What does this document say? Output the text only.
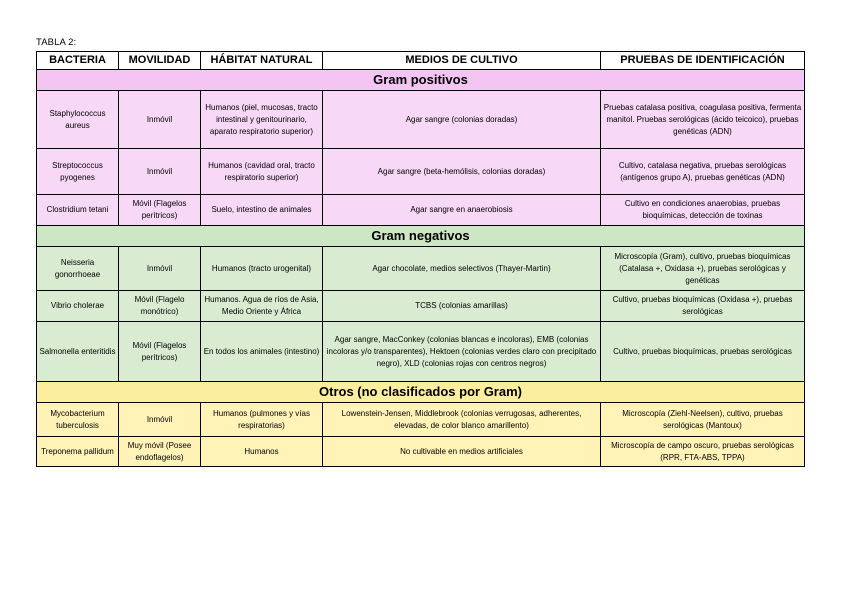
TABLA 2:
BACTERIA	MOVILIDAD	HÁBITAT NATURAL	MEDIOS DE CULTIVO	PRUEBAS DE IDENTIFICACIÓN
Gram positivos				
Staphylococcus aureus	Inmóvil	Humanos (piel, mucosas, tracto intestinal y genitourinario, aparato respiratorio superior)	Agar sangre (colonias doradas)	Pruebas catalasa positiva, coagulasa positiva, fermenta manitol. Pruebas serológicas (ácido teicoico), pruebas genéticas (ADN)
Streptococcus pyogenes	Inmóvil	Humanos (cavidad oral, tracto respiratorio superior)	Agar sangre (beta-hemólisis, colonias doradas)	Cultivo, catalasa negativa, pruebas serológicas (antígenos grupo A), pruebas genéticas (ADN)
Clostridium tetani	Móvil (Flagelos perítricos)	Suelo, intestino de animales	Agar sangre en anaerobiosis	Cultivo en condiciones anaerobias, pruebas bioquímicas, detección de toxinas
Gram negativos				
Neisseria gonorrhoeae	Inmóvil	Humanos (tracto urogenital)	Agar chocolate, medios selectivos (Thayer-Martin)	Microscopía (Gram), cultivo, pruebas bioquímicas (Catalasa +, Oxidasa +), pruebas serológicas y genéticas
Vibrio cholerae	Móvil (Flagelo monótrico)	Humanos. Agua de ríos de Asia, Medio Oriente y África	TCBS (colonias amarillas)	Cultivo, pruebas bioquímicas (Oxidasa +), pruebas serológicas
Salmonella enteritidis	Móvil (Flagelos perítricos)	En todos los animales (intestino)	Agar sangre, MacConkey (colonias blancas e incoloras), EMB (colonias incoloras y/o transparentes), Hektoen (colonias verdes claro con precipitado negro), XLD (colonias rojas con centros negros)	Cultivo, pruebas bioquímicas, pruebas serológicas
Otros (no clasificados por Gram)				
Mycobacterium tuberculosis	Inmóvil	Humanos (pulmones y vías respiratorias)	Lowenstein-Jensen, Middlebrook (colonias verrugosas, adherentes, elevadas, de color blanco amarillento)	Microscopía (Ziehl-Neelsen), cultivo, pruebas serológicas (Mantoux)
Treponema pallidum	Muy móvil (Posee endoflagelos)	Humanos	No cultivable en medios artificiales	Microscopía de campo oscuro, pruebas serológicas (RPR, FTA-ABS, TPPA)
